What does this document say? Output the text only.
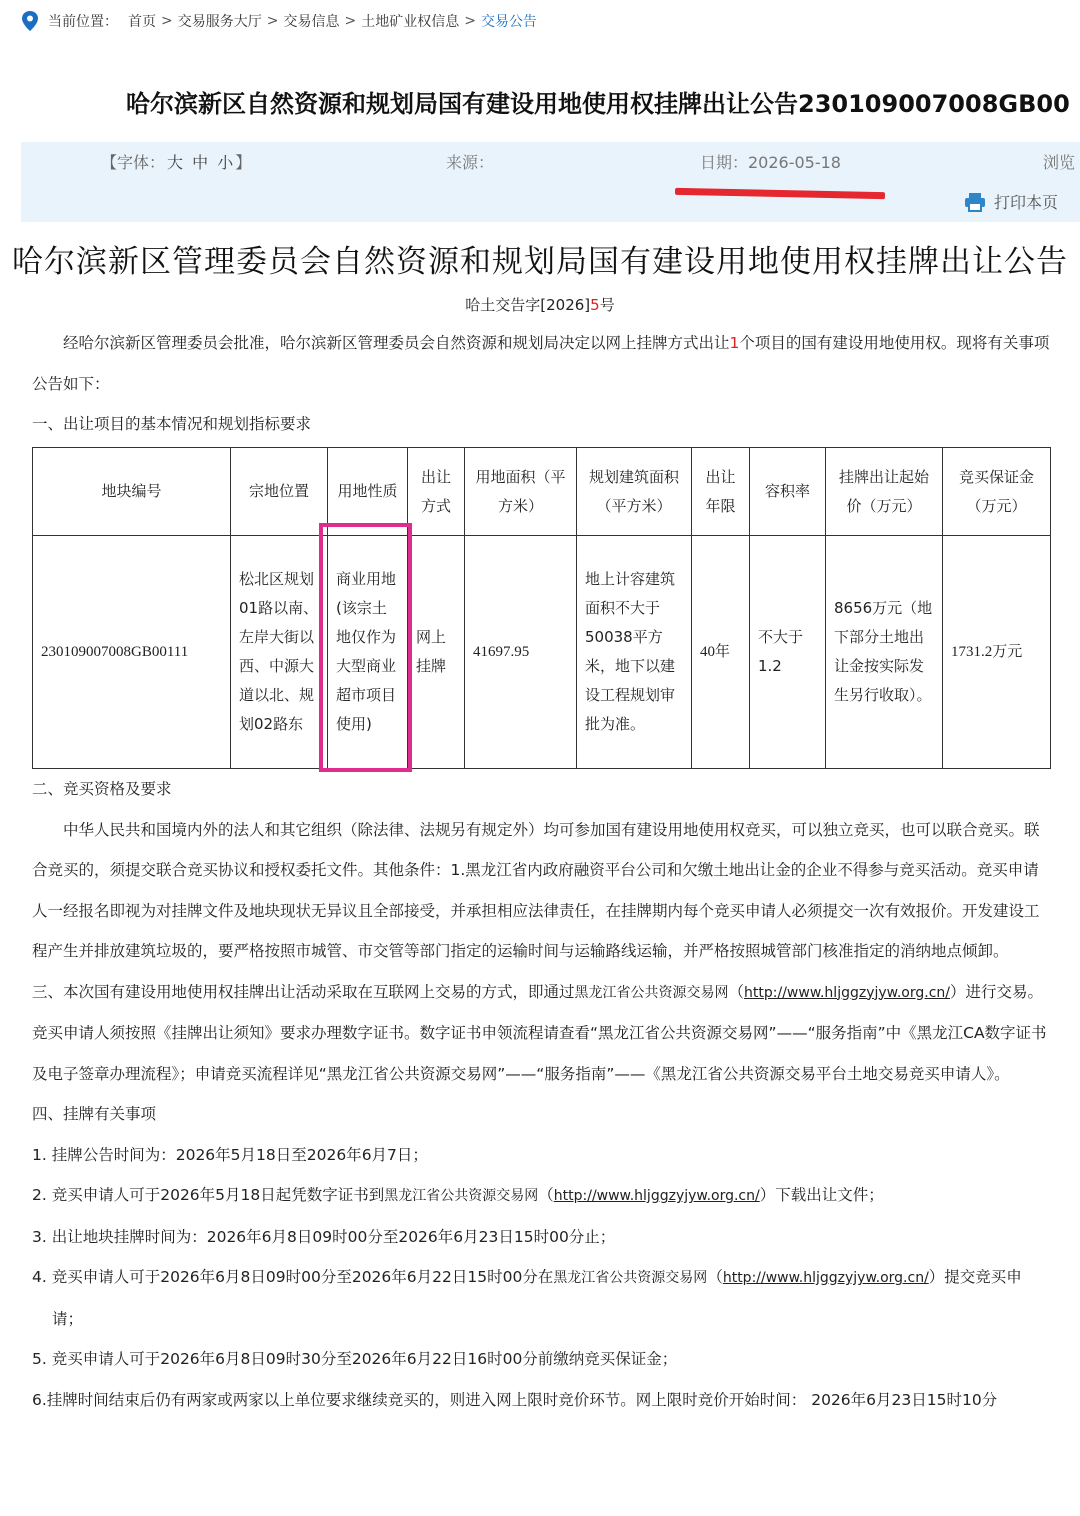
当前位置： 首页 > 交易服务大厅 > 交易信息 > 土地矿业权信息 > 交易公告
哈尔滨新区自然资源和规划局国有建设用地使用权挂牌出让公告230109007008GB00
【字体： 大 中 小 】	来源：	日期：2026-05-18	浏览
打印本页
哈尔滨新区管理委员会自然资源和规划局国有建设用地使用权挂牌出让公告
哈土交告字[2026]5号

经哈尔滨新区管理委员会批准，哈尔滨新区管理委员会自然资源和规划局决定以网上挂牌方式出让1个项目的国有建设用地使用权。现将有关事项公告如下：

一、出让项目的基本情况和规划指标要求

地块编号	宗地位置	用地性质	出让方式	用地面积（平方米）	规划建筑面积（平方米）	出让年限	容积率	挂牌出让起始价（万元）	竞买保证金（万元）
230109007008GB00111	松北区规划01路以南、左岸大街以西、中源大道以北、规划02路东	商业用地(该宗土地仅作为大型商业超市项目使用)	网上挂牌	41697.95	地上计容建筑面积不大于50038平方米，地下以建设工程规划审批为准。	40年	不大于1.2	8656万元（地下部分土地出让金按实际发生另行收取）。	1731.2万元

二、竞买资格及要求

中华人民共和国境内外的法人和其它组织（除法律、法规另有规定外）均可参加国有建设用地使用权竞买，可以独立竞买，也可以联合竞买。联合竞买的，须提交联合竞买协议和授权委托文件。其他条件：1.黑龙江省内政府融资平台公司和欠缴土地出让金的企业不得参与竞买活动。竞买申请人一经报名即视为对挂牌文件及地块现状无异议且全部接受，并承担相应法律责任，在挂牌期内每个竞买申请人必须提交一次有效报价。开发建设工程产生并排放建筑垃圾的，要严格按照市城管、市交管等部门指定的运输时间与运输路线运输，并严格按照城管部门核准指定的消纳地点倾卸。

三、本次国有建设用地使用权挂牌出让活动采取在互联网上交易的方式，即通过黑龙江省公共资源交易网（http://www.hljggzyjyw.org.cn/）进行交易。竞买申请人须按照《挂牌出让须知》要求办理数字证书。数字证书申领流程请查看“黑龙江省公共资源交易网”——“服务指南”中《黑龙江CA数字证书及电子签章办理流程》；申请竞买流程详见“黑龙江省公共资源交易网”——“服务指南”——《黑龙江省公共资源交易平台土地交易竞买申请人》。

四、挂牌有关事项

1. 挂牌公告时间为：2026年5月18日至2026年6月7日；

2. 竞买申请人可于2026年5月18日起凭数字证书到黑龙江省公共资源交易网（http://www.hljggzyjyw.org.cn/）下载出让文件；

3. 出让地块挂牌时间为：2026年6月8日09时00分至2026年6月23日15时00分止；

4. 竞买申请人可于2026年6月8日09时00分至2026年6月22日15时00分在黑龙江省公共资源交易网（http://www.hljggzyjyw.org.cn/）提交竞买申请；

5. 竞买申请人可于2026年6月8日09时30分至2026年6月22日16时00分前缴纳竞买保证金；

6.挂牌时间结束后仍有两家或两家以上单位要求继续竞买的，则进入网上限时竞价环节。网上限时竞价开始时间： 2026年6月23日15时10分
